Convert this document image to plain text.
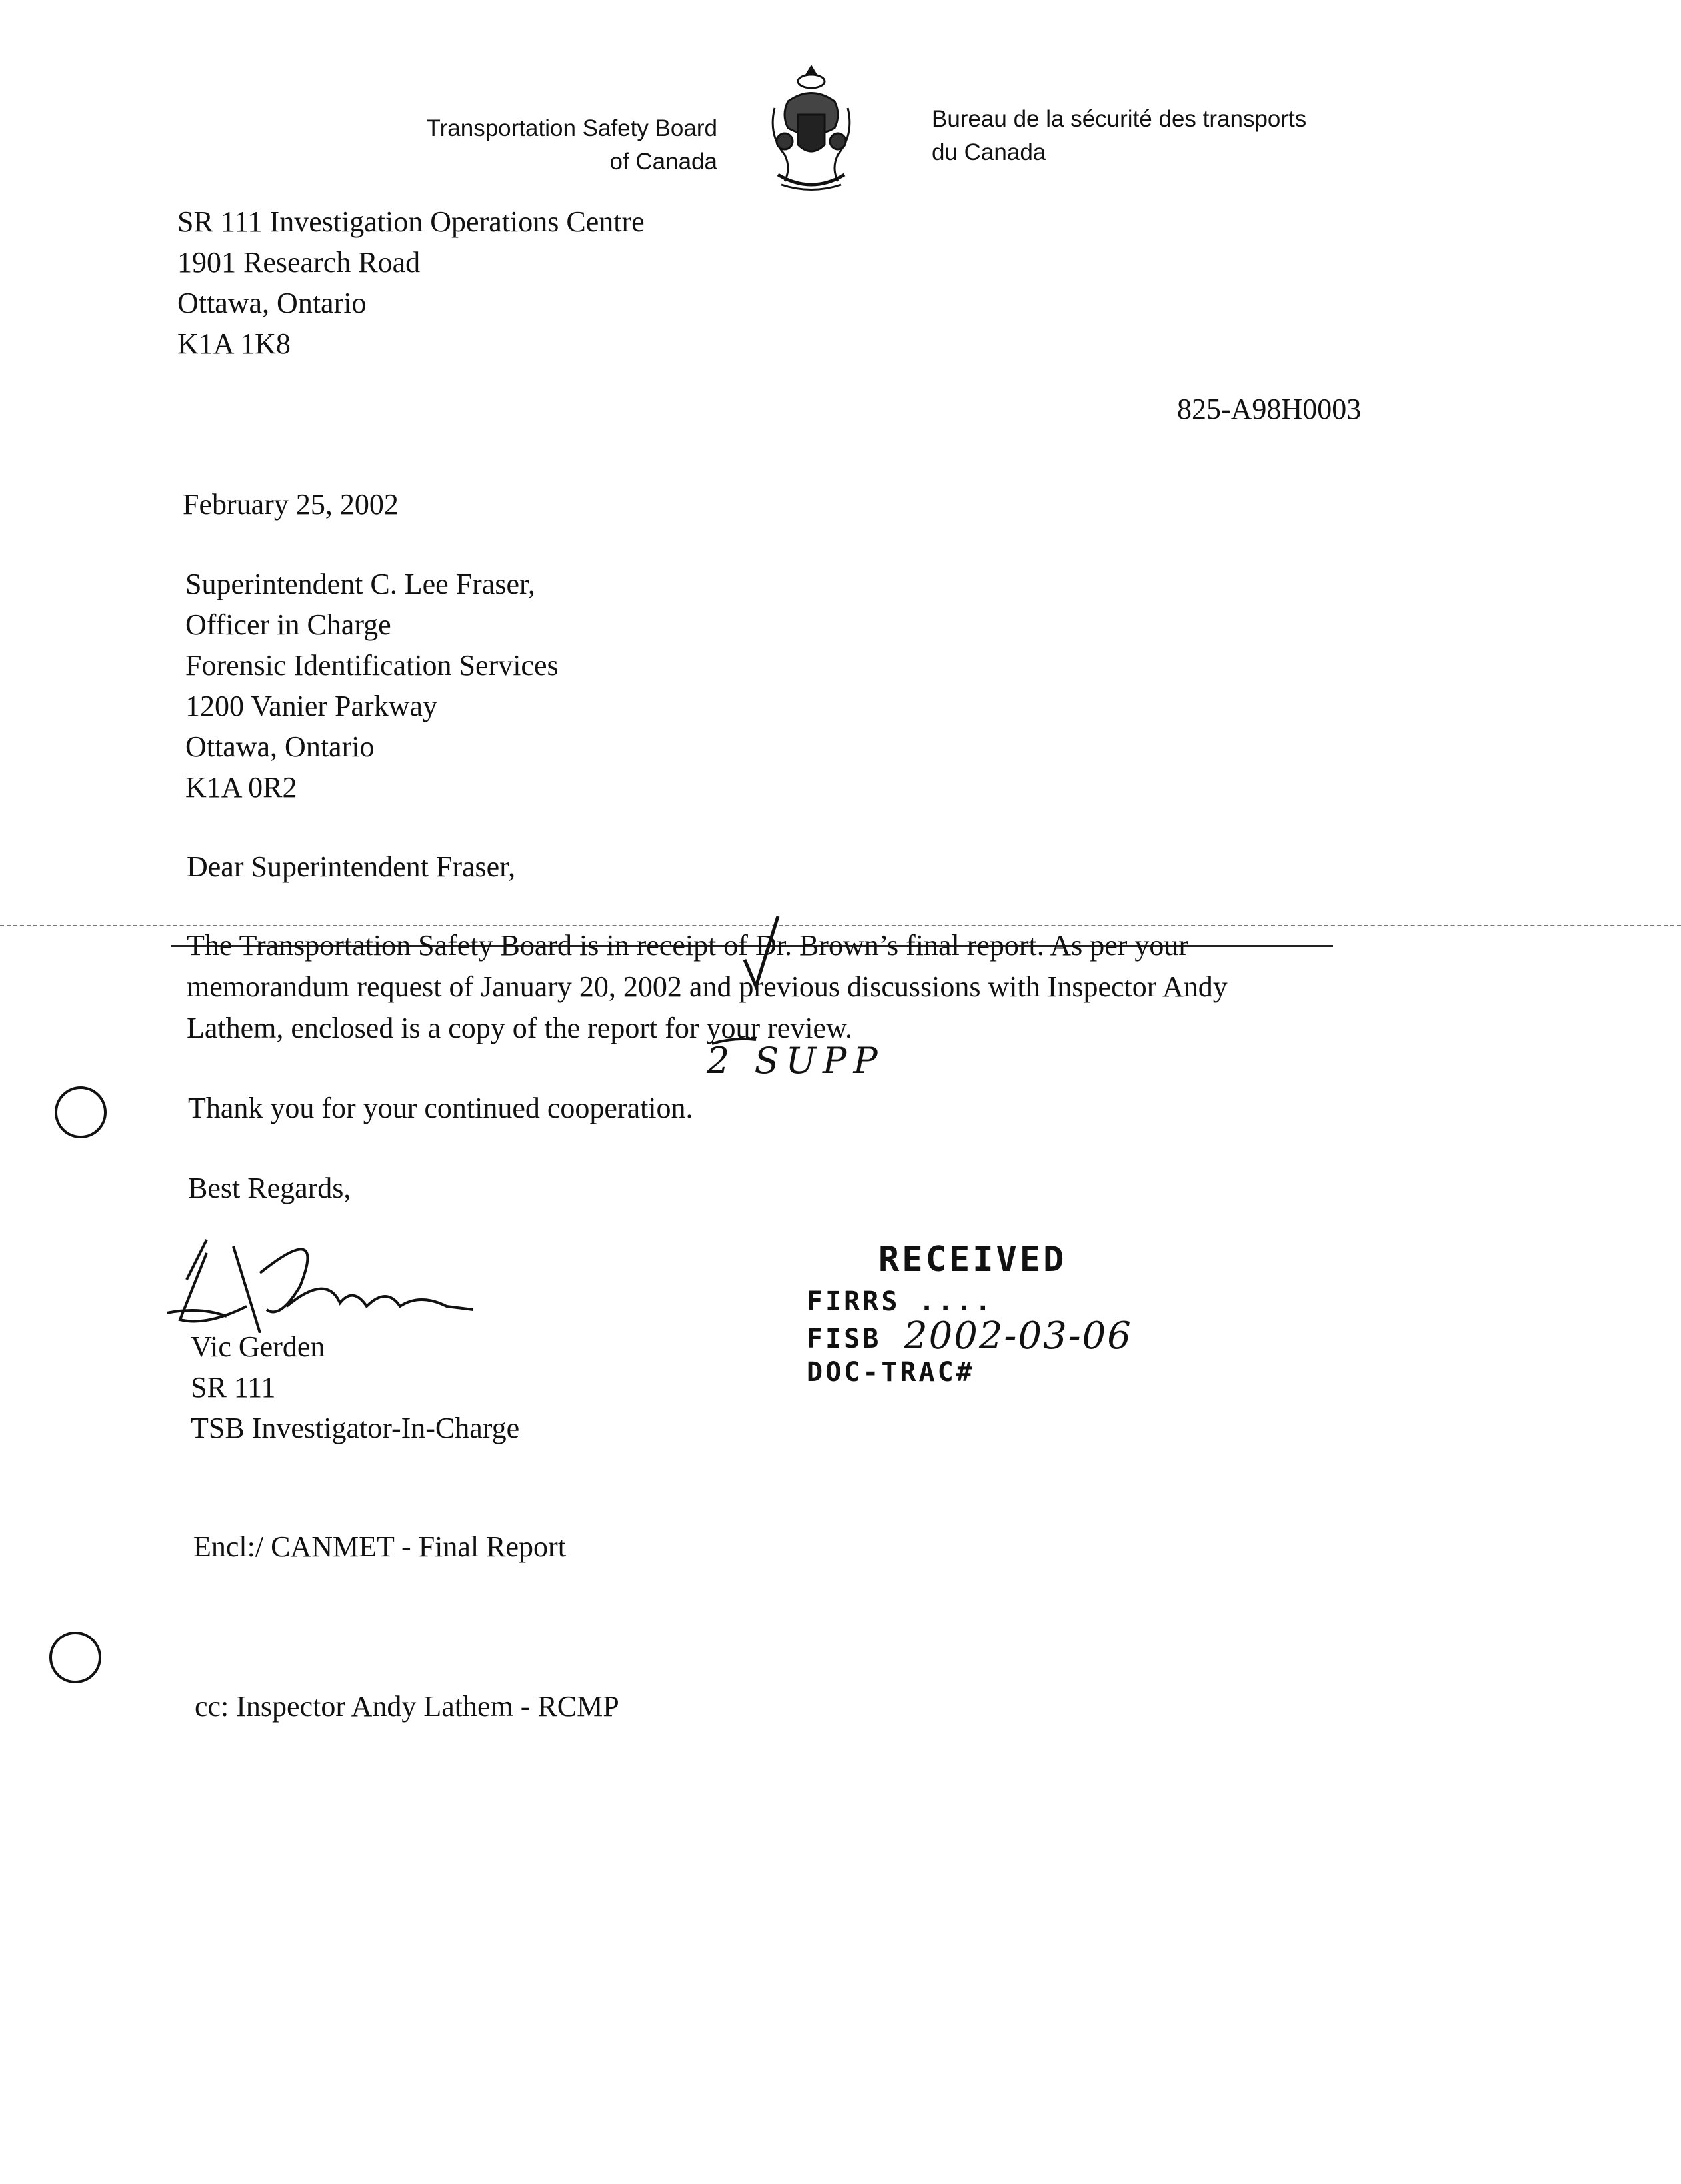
Transportation Safety Board
of Canada
Bureau de la sécurité des transports
du Canada
SR 111 Investigation Operations Centre
1901 Research Road
Ottawa, Ontario
K1A 1K8
825-A98H0003
February 25, 2002
Superintendent C. Lee Fraser,
Officer in Charge
Forensic Identification Services
1200 Vanier Parkway
Ottawa, Ontario
K1A 0R2
Dear Superintendent Fraser,
The Transportation Safety Board is in receipt of Dr. Brown’s final report. As per your
memorandum request of January 20, 2002 and previous discussions with Inspector Andy
Lathem, enclosed is a copy of the report for your review.
2 SUPP
Thank you for your continued cooperation.
Best Regards,
Vic Gerden
SR 111
TSB Investigator-In-Charge
RECEIVED
FIRRS ....
FISB 2002-03-06
DOC-TRAC#
Encl:/ CANMET - Final Report
cc: Inspector Andy Lathem - RCMP
